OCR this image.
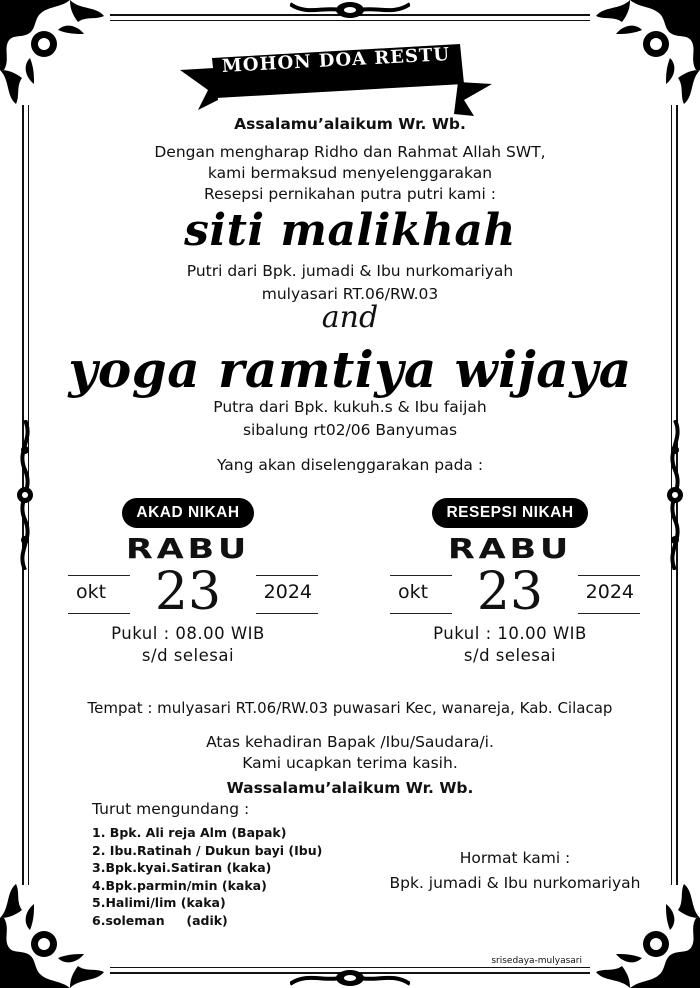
MOHON DOA RESTU
Assalamu’alaikum Wr. Wb.
Dengan mengharap Ridho dan Rahmat Allah SWT,
kami bermaksud menyelenggarakan
Resepsi pernikahan putra putri kami :
siti malikhah
Putri dari Bpk. jumadi & Ibu nurkomariyah
mulyasari RT.06/RW.03
and
yoga ramtiya wijaya
Putra dari Bpk. kukuh.s & Ibu faijah
sibalung rt02/06 Banyumas
Yang akan diselenggarakan pada :
AKAD NIKAH
RABU
okt 23	2024
Pukul : 08.00 WIB
s/d selesai
RESEPSI NIKAH
RABU
okt 23	2024
Pukul : 10.00 WIB
s/d selesai
Tempat : mulyasari RT.06/RW.03 puwasari Kec, wanareja, Kab. Cilacap
Atas kehadiran Bapak /Ibu/Saudara/i.
Kami ucapkan terima kasih.
Wassalamu’alaikum Wr. Wb.
Turut mengundang :
1. Bpk. Ali reja Alm (Bapak)
2. Ibu.Ratinah / Dukun bayi (Ibu)
3.Bpk.kyai.Satiran (kaka)
4.Bpk.parmin/min (kaka)
5.Halimi/lim (kaka)
6.soleman     (adik)
Hormat kami :
Bpk. jumadi & Ibu nurkomariyah
srisedaya-mulyasari
